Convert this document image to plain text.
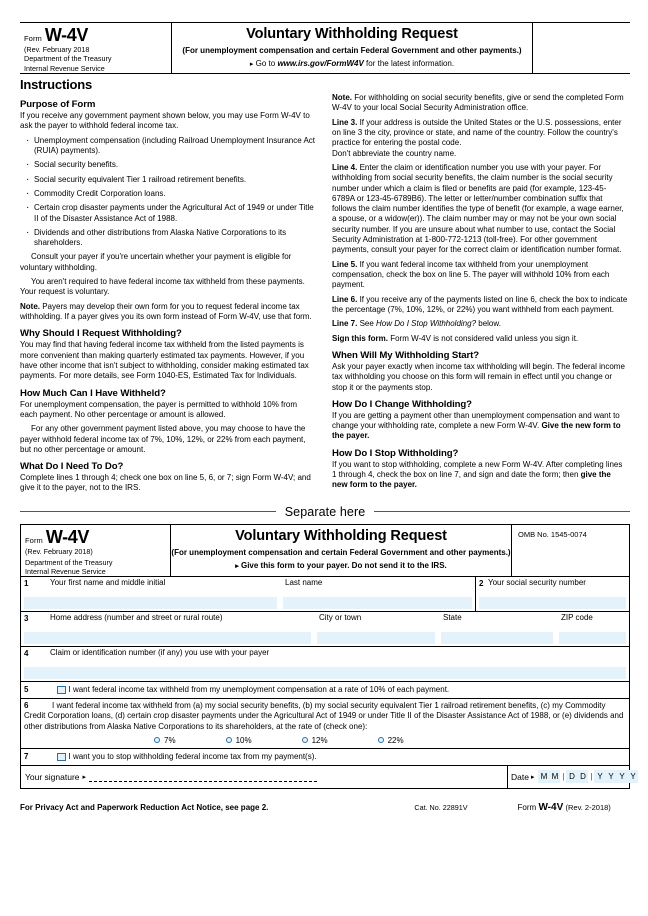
Form W-4V
(Rev. February 2018
Department of the Treasury
Internal Revenue Service
Voluntary Withholding Request
(For unemployment compensation and certain Federal Government and other payments.)
▸ Go to www.irs.gov/FormW4V for the latest information.
Instructions
Purpose of Form

If you receive any government payment shown below, you may use Form W-4V to ask the payer to withhold federal income tax.

· Unemployment compensation (including Railroad Unemployment Insurance Act (RUIA) payments).
· Social security benefits.
· Social security equivalent Tier 1 railroad retirement benefits.
· Commodity Credit Corporation loans.
· Certain crop disaster payments under the Agricultural Act of 1949 or under Title II of the Disaster Assistance Act of 1988.
· Dividends and other distributions from Alaska Native Corporations to its shareholders.

Consult your payer if you're uncertain whether your payment is eligible for voluntary withholding.

You aren't required to have federal income tax withheld from these payments. Your request is voluntary.

Note. Payers may develop their own form for you to request federal income tax withholding. If a payer gives you its own form instead of Form W-4V, use that form.

Why Should I Request Withholding?

You may find that having federal income tax withheld from the listed payments is more convenient than making quarterly estimated tax payments. However, if you have other income that isn't subject to withholding, consider making estimated tax payments. For more details, see Form 1040-ES, Estimated Tax for Individuals.

How Much Can I Have Withheld?

For unemployment compensation, the payer is permitted to withhold 10% from each payment. No other percentage or amount is allowed.

For any other government payment listed above, you may choose to have the payer withhold federal income tax of 7%, 10%, 12%, or 22% from each payment, but no other percentage or amount.

What Do I Need To Do?

Complete lines 1 through 4; check one box on line 5, 6, or 7; sign Form W-4V; and give it to the payer, not to the IRS.

Note. For withholding on social security benefits, give or send the completed Form W-4V to your local Social Security Administration office.

Line 3. If your address is outside the United States or the U.S. possessions, enter on line 3 the city, province or state, and name of the country. Follow the country's practice for entering the postal code.

Don't abbreviate the country name.

Line 4. Enter the claim or identification number you use with your payer. For withholding from social security benefits, the claim number is the social security number under which a claim is filed or benefits are paid (for example, 123-45-6789A or 123-45-6789B6). The letter or letter/number combination suffix that follows the claim number identifies the type of benefit (for example, a wage earner, a spouse, or a widow(er)). The claim number may or may not be your own social security number. If you are unsure about what number to use, contact the Social Security Administration at 1-800-772-1213 (toll-free). For other government payments, consult your payer for the correct claim or identification number format.

Line 5. If you want federal income tax withheld from your unemployment compensation, check the box on line 5. The payer will withhold 10% from each payment.

Line 6. If you receive any of the payments listed on line 6, check the box to indicate the percentage (7%, 10%, 12%, or 22%) you want withheld from each payment.

Line 7. See How Do I Stop Withholding? below.

Sign this form. Form W-4V is not considered valid unless you sign it.

When Will My Withholding Start?

Ask your payer exactly when income tax withholding will begin. The federal income tax withholding you choose on this form will remain in effect until you change or stop it or the payments stop.

How Do I Change Withholding?

If you are getting a payment other than unemployment compensation and want to change your withholding rate, complete a new Form W-4V. Give the new form to the payer.

How Do I Stop Withholding?

If you want to stop withholding, complete a new Form W-4V. After completing lines 1 through 4, check the box on line 7, and sign and date the form; then give the new form to the payer.

Separate here
Form W-4V
(Rev. February 2018)
Department of the Treasury
Internal Revenue Service
Voluntary Withholding Request
(For unemployment compensation and certain Federal Government and other payments.)
▸ Give this form to your payer. Do not send it to the IRS.
OMB No. 1545-0074
1	Your first name and middle initial	Last name	2 Your social security number
3	Home address (number and street or rural route)	City or town	State	ZIP code
4	Claim or identification number (if any) you use with your payer
5	I want federal income tax withheld from my unemployment compensation at a rate of 10% of each payment.
6	I want federal income tax withheld from (a) my social security benefits, (b) my social security equivalent Tier 1 railroad retirement benefits, (c) my Commodity Credit Corporation loans, (d) certain crop disaster payments under the Agricultural Act of 1949 or under Title II of the Disaster Assistance Act of 1988, or (e) dividends and other distributions from Alaska Native Corporations to its shareholders, at the rate of (check one):

7%	10%	12%	22%
7	I want you to stop withholding federal income tax from my payment(s).
Your signature ▸	Date ▸ M M | D D | Y Y Y Y
For Privacy Act and Paperwork Reduction Act Notice, see page 2.	Cat. No. 22891V	Form W-4V (Rev. 2-2018)
